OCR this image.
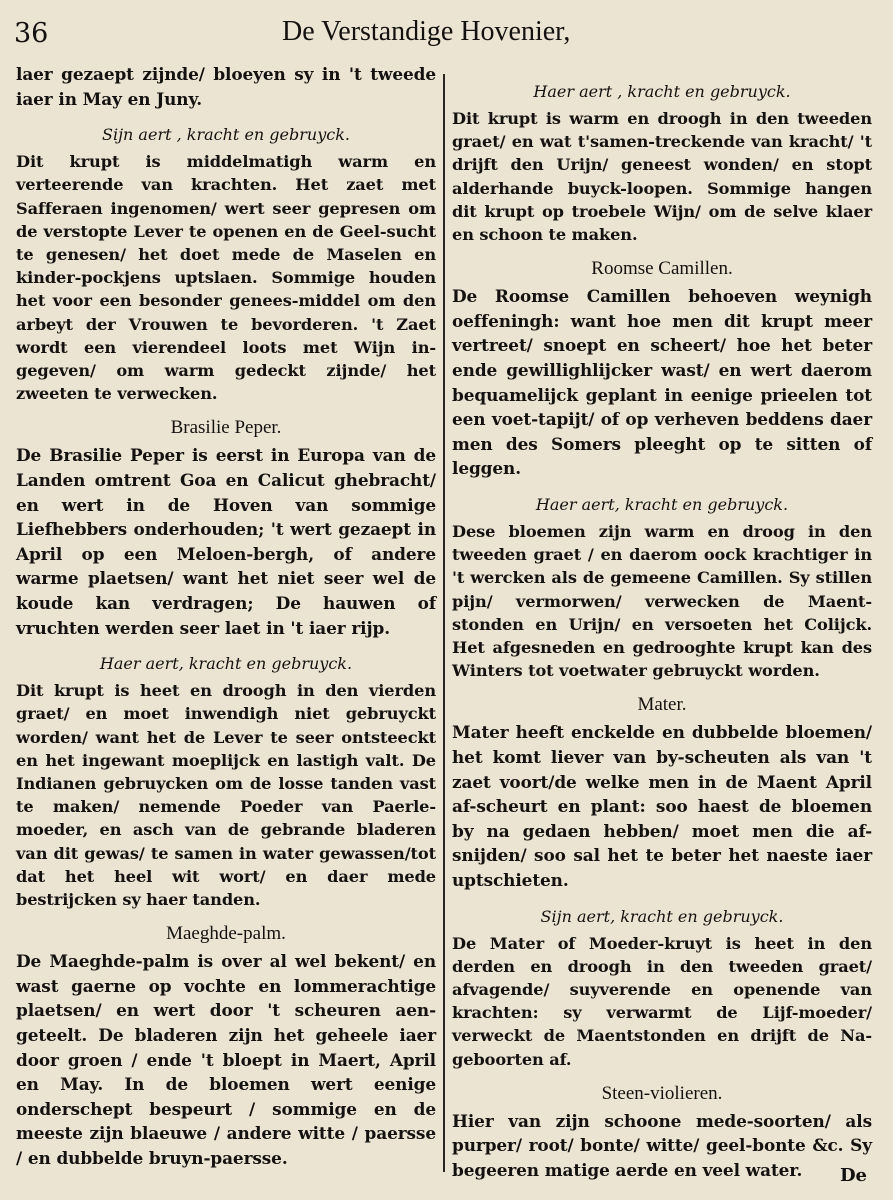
36	De Verstandige Hovenier,

laer gezaept zijnde/ bloeyen sy in 't tweede iaer in May en Juny.

Sijn aert , kracht en gebruyck.

Dit krupt is middelmatigh warm en verteerende van krachten. Het zaet met Safferaen ingenomen/ wert seer gepresen om de verstopte Lever te openen en de Geel-sucht te genesen/ het doet mede de Maselen en kinder-pockjens uptslaen. Sommige houden het voor een besonder genees-middel om den arbeyt der Vrouwen te bevorderen. 't Zaet wordt een vierendeel loots met Wijn in-gegeven/ om warm gedeckt zijnde/ het zweeten te verwecken.

Brasilie Peper.

De Brasilie Peper is eerst in Europa van de Landen omtrent Goa en Calicut ghebracht/ en wert in de Hoven van sommige Liefhebbers onderhouden; 't wert gezaept in April op een Meloen-bergh, of andere warme plaetsen/ want het niet seer wel de koude kan verdragen; De hauwen of vruchten werden seer laet in 't iaer rijp.

Haer aert, kracht en gebruyck.

Dit krupt is heet en droogh in den vierden graet/ en moet inwendigh niet gebruyckt worden/ want het de Lever te seer ontsteeckt en het ingewant moeplijck en lastigh valt. De Indianen gebruycken om de losse tanden vast te maken/ nemende Poeder van Paerle-moeder, en asch van de gebrande bladeren van dit gewas/ te samen in water gewassen/tot dat het heel wit wort/ en daer mede bestrijcken sy haer tanden.

Maeghde-palm.

De Maeghde-palm is over al wel bekent/ en wast gaerne op vochte en lommerachtige plaetsen/ en wert door 't scheuren aen-geteelt. De bladeren zijn het geheele iaer door groen / ende 't bloept in Maert, April en May. In de bloemen wert eenige onderschept bespeurt / sommige en de meeste zijn blaeuwe / andere witte / paersse / en dubbelde bruyn-paersse.

Haer aert , kracht en gebruyck.

Dit krupt is warm en droogh in den tweeden graet/ en wat t'samen-treckende van kracht/ 't drijft den Urijn/ geneest wonden/ en stopt alderhande buyck-loopen. Sommige hangen dit krupt op troebele Wijn/ om de selve klaer en schoon te maken.

Roomse Camillen.

De Roomse Camillen behoeven weynigh oeffeningh: want hoe men dit krupt meer vertreet/ snoept en scheert/ hoe het beter ende gewillighlijcker wast/ en wert daerom bequamelijck geplant in eenige prieelen tot een voet-tapijt/ of op verheven beddens daer men des Somers pleeght op te sitten of leggen.

Haer aert, kracht en gebruyck.

Dese bloemen zijn warm en droog in den tweeden graet / en daerom oock krachtiger in 't wercken als de gemeene Camillen. Sy stillen pijn/ vermorwen/ verwecken de Maent-stonden en Urijn/ en versoeten het Colijck. Het afgesneden en gedrooghte krupt kan des Winters tot voetwater gebruyckt worden.

Mater.

Mater heeft enckelde en dubbelde bloemen/ het komt liever van by-scheuten als van 't zaet voort/de welke men in de Maent April af-scheurt en plant: soo haest de bloemen by na gedaen hebben/ moet men die af-snijden/ soo sal het te beter het naeste iaer uptschieten.

Sijn aert, kracht en gebruyck.

De Mater of Moeder-kruyt is heet in den derden en droogh in den tweeden graet/ afvagende/ suyverende en openende van krachten: sy verwarmt de Lijf-moeder/ verweckt de Maentstonden en drijft de Na-geboorten af.

Steen-violieren.

Hier van zijn schoone mede-soorten/ als purper/ root/ bonte/ witte/ geel-bonte &c. Sy begeeren matige aerde en veel water.	De
